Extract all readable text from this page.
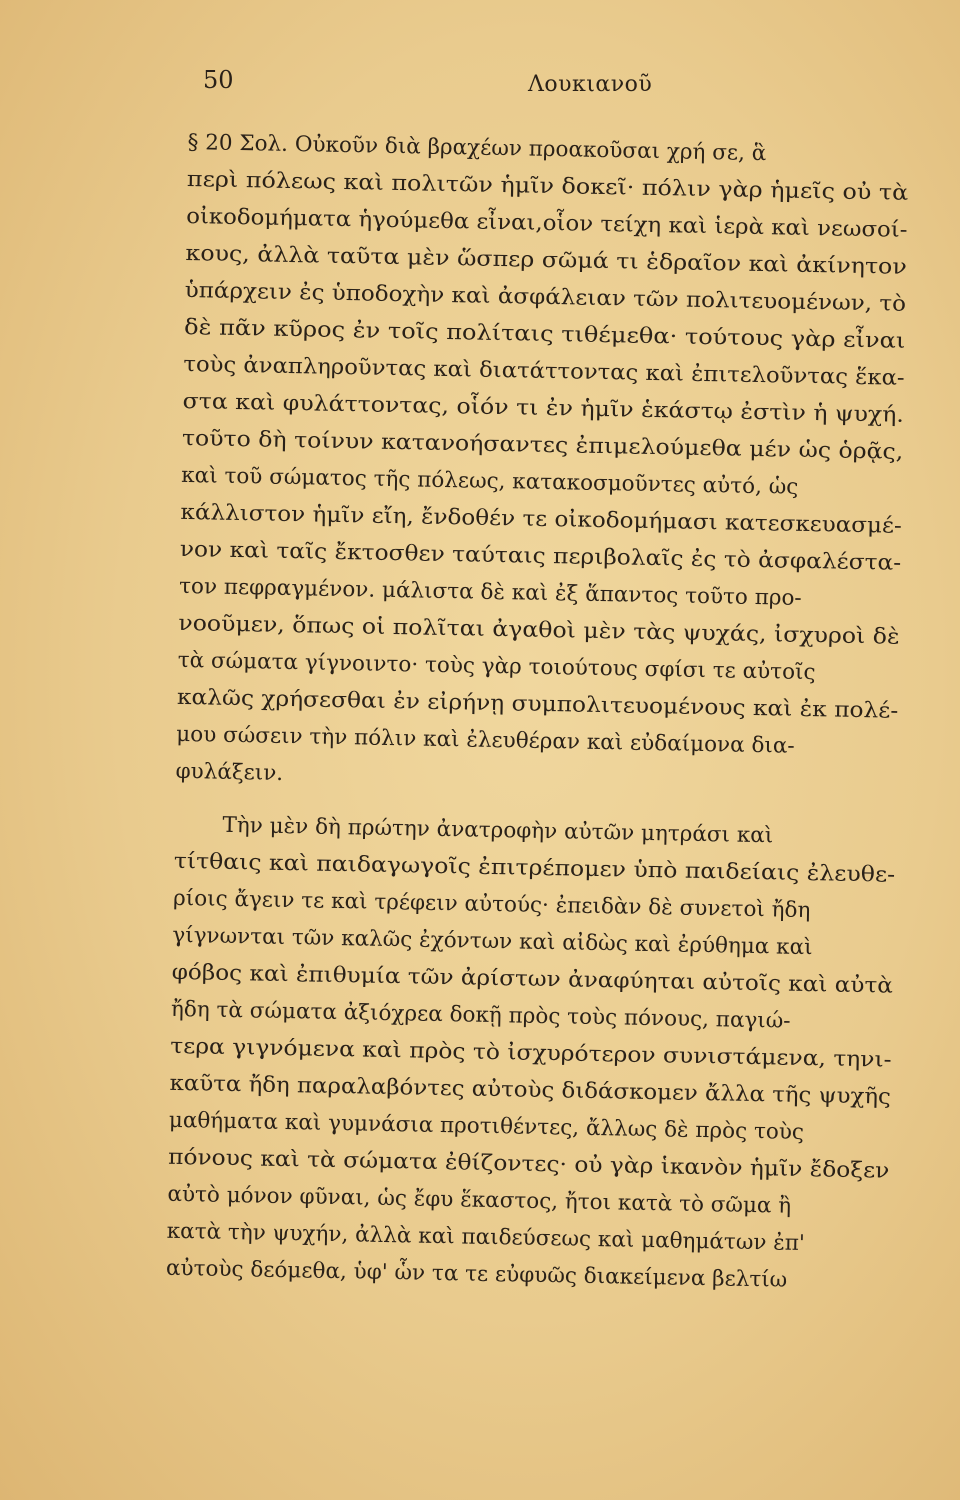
50	Λουκιανοῦ
§ 20 Σολ. Οὐκοῦν διὰ βραχέων προακοῦσαι χρή σε, ἃ
περὶ πόλεως καὶ πολιτῶν ἡμῖν δοκεῖ· πόλιν γὰρ ἡμεῖς οὐ τὰ
οἰκοδομήματα ἡγούμεθα εἶναι,οἷον τείχη καὶ ἱερὰ καὶ νεωσοί-
κους, ἀλλὰ ταῦτα μὲν ὥσπερ σῶμά τι ἑδραῖον καὶ ἀκίνητον
ὑπάρχειν ἐς ὑποδοχὴν καὶ ἀσφάλειαν τῶν πολιτευομένων, τὸ
δὲ πᾶν κῦρος ἐν τοῖς πολίταις τιθέμεθα· τούτους γὰρ εἶναι
τοὺς ἀναπληροῦντας καὶ διατάττοντας καὶ ἐπιτελοῦντας ἕκα-
στα καὶ φυλάττοντας, οἷόν τι ἐν ἡμῖν ἑκάστῳ ἐστὶν ἡ ψυχή.
τοῦτο δὴ τοίνυν κατανοήσαντες ἐπιμελούμεθα μέν ὡς ὁρᾷς,
καὶ τοῦ σώματος τῆς πόλεως, κατακοσμοῦντες αὐτό, ὡς
κάλλιστον ἡμῖν εἴη, ἔνδοθέν τε οἰκοδομήμασι κατεσκευασμέ-
νον καὶ ταῖς ἔκτοσθεν ταύταις περιβολαῖς ἐς τὸ ἀσφαλέστα-
τον πεφραγμένον. μάλιστα δὲ καὶ ἐξ ἅπαντος τοῦτο προ-
νοοῦμεν, ὅπως οἱ πολῖται ἀγαθοὶ μὲν τὰς ψυχάς, ἰσχυροὶ δὲ
τὰ σώματα γίγνοιντο· τοὺς γὰρ τοιούτους σφίσι τε αὐτοῖς
καλῶς χρήσεσθαι ἐν εἰρήνῃ συμπολιτευομένους καὶ ἐκ πολέ-
μου σώσειν τὴν πόλιν καὶ ἐλευθέραν καὶ εὐδαίμονα δια-
φυλάξειν.
Τὴν μὲν δὴ πρώτην ἀνατροφὴν αὐτῶν μητράσι καὶ
τίτθαις καὶ παιδαγωγοῖς ἐπιτρέπομεν ὑπὸ παιδείαις ἐλευθε-
ρίοις ἄγειν τε καὶ τρέφειν αὐτούς· ἐπειδὰν δὲ συνετοὶ ἤδη
γίγνωνται τῶν καλῶς ἐχόντων καὶ αἰδὼς καὶ ἐρύθημα καὶ
φόβος καὶ ἐπιθυμία τῶν ἀρίστων ἀναφύηται αὐτοῖς καὶ αὐτὰ
ἤδη τὰ σώματα ἀξιόχρεα δοκῇ πρὸς τοὺς πόνους, παγιώ-
τερα γιγνόμενα καὶ πρὸς τὸ ἰσχυρότερον συνιστάμενα, τηνι-
καῦτα ἤδη παραλαβόντες αὐτοὺς διδάσκομεν ἄλλα τῆς ψυχῆς
μαθήματα καὶ γυμνάσια προτιθέντες, ἄλλως δὲ πρὸς τοὺς
πόνους καὶ τὰ σώματα ἐθίζοντες· οὐ γὰρ ἱκανὸν ἡμῖν ἔδοξεν
αὐτὸ μόνον φῦναι, ὡς ἔφυ ἕκαστος, ἤτοι κατὰ τὸ σῶμα ἢ
κατὰ τὴν ψυχήν, ἀλλὰ καὶ παιδεύσεως καὶ μαθημάτων ἐπ'
αὐτοὺς δεόμεθα, ὑφ' ὧν τα τε εὐφυῶς διακείμενα βελτίω
